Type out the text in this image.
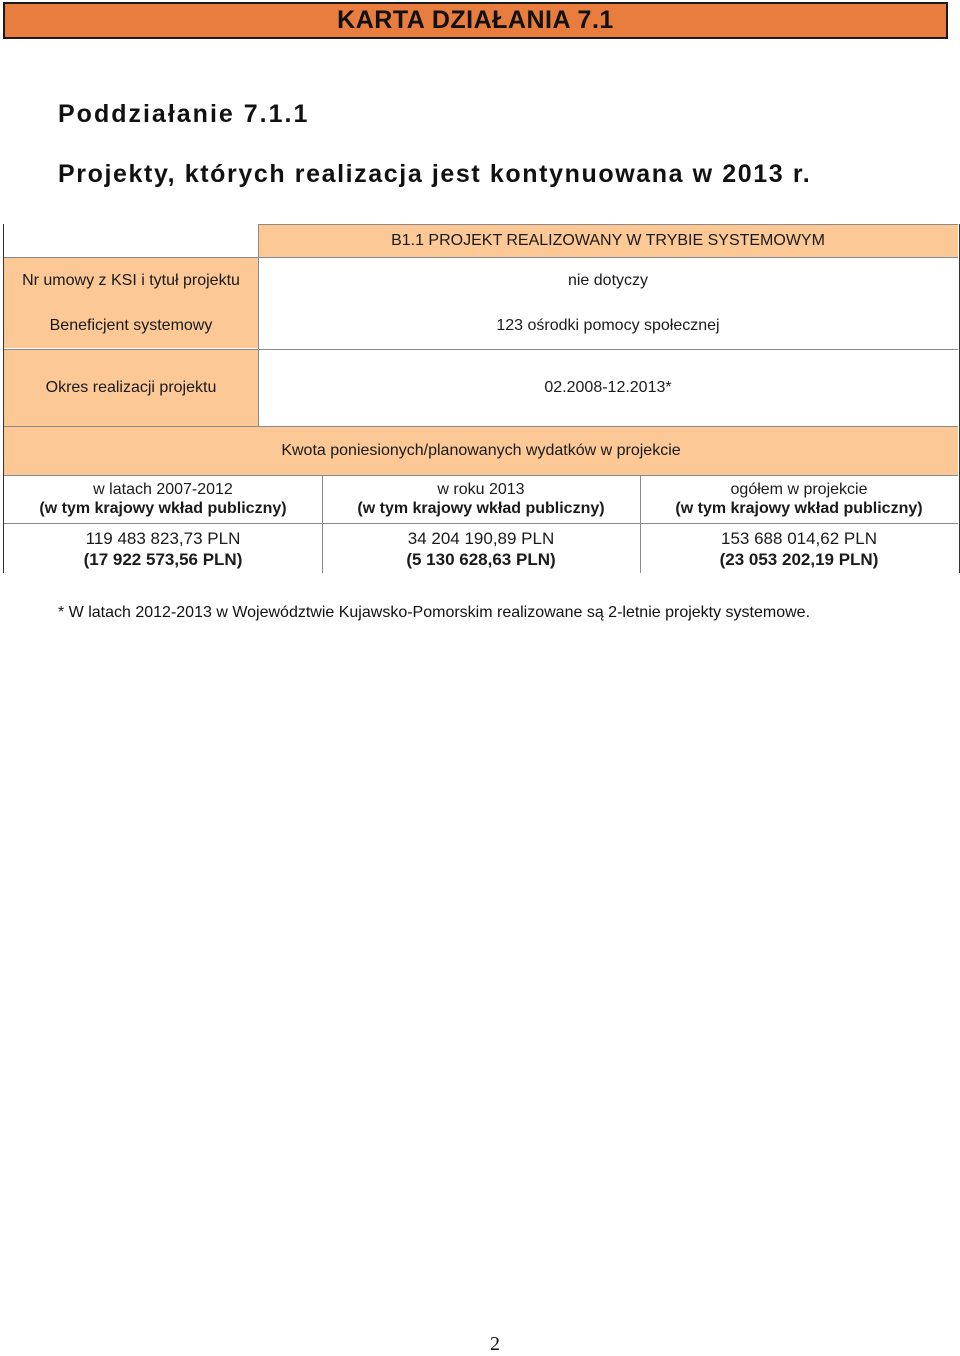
KARTA DZIAŁANIA 7.1
Poddziałanie 7.1.1
Projekty, których realizacja jest kontynuowana w 2013 r.
B1.1 PROJEKT REALIZOWANY W TRYBIE SYSTEMOWYM
Nr umowy z KSI i tytuł projektu
Beneficjent systemowy
nie dotyczy
123 ośrodki pomocy społecznej
Okres realizacji projektu	02.2008-12.2013*
Kwota poniesionych/planowanych wydatków w projekcie
w latach 2007-2012
(w tym krajowy wkład publiczny)
w roku 2013
(w tym krajowy wkład publiczny)
ogółem w projekcie
(w tym krajowy wkład publiczny)
119 483 823,73 PLN
(17 922 573,56 PLN)
34 204 190,89 PLN
(5 130 628,63 PLN)
153 688 014,62 PLN
(23 053 202,19 PLN)
* W latach 2012-2013 w Województwie Kujawsko-Pomorskim realizowane są 2-letnie projekty systemowe.
2
